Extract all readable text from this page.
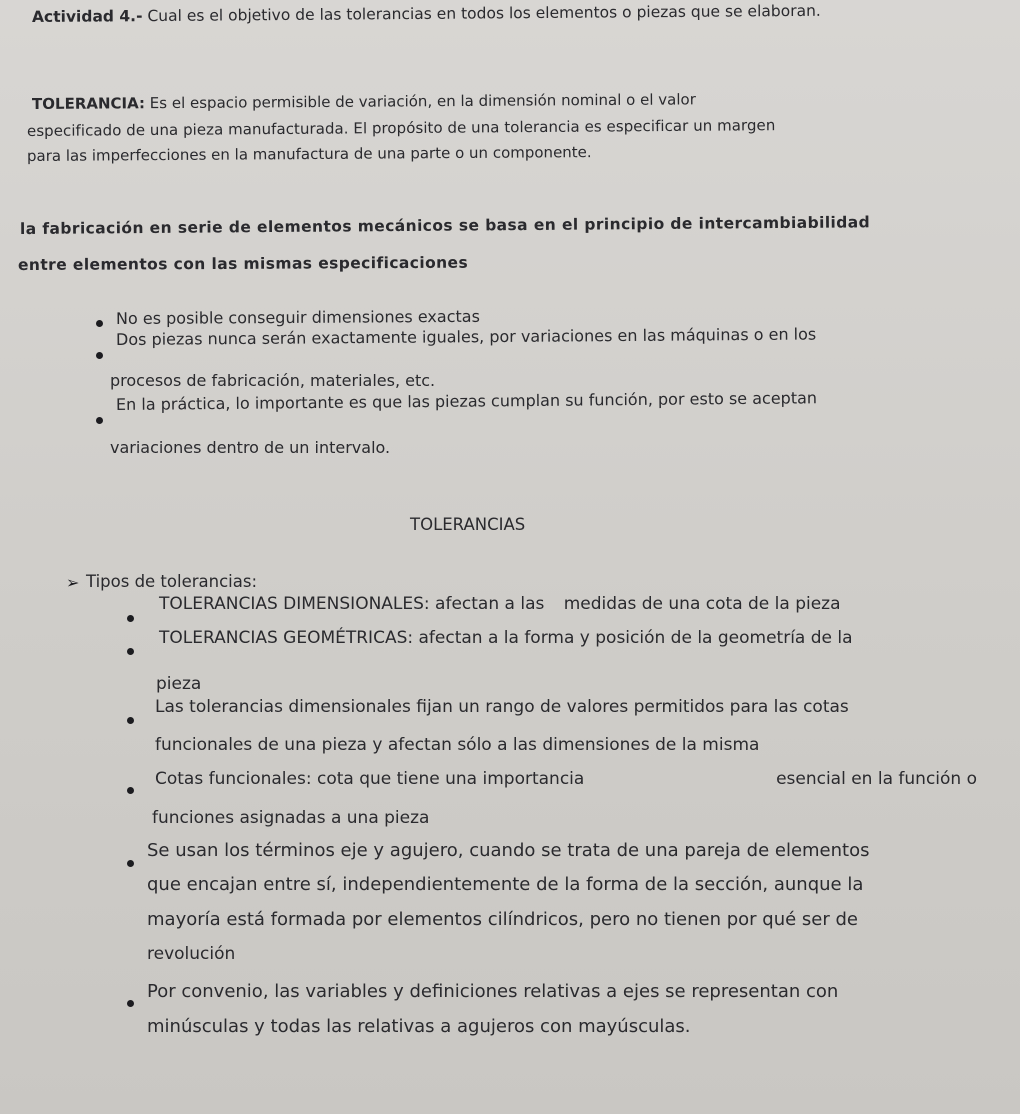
Actividad 4.- Cual es el objetivo de las tolerancias en todos los elementos o piezas que se elaboran.
TOLERANCIA: Es el espacio permisible de variación, en la dimensión nominal o el valor
especificado de una pieza manufacturada. El propósito de una tolerancia es especificar un margen
para las imperfecciones en la manufactura de una parte o un componente.
la fabricación en serie de elementos mecánicos se basa en el principio de intercambiabilidad
entre elementos con las mismas especificaciones
No es posible conseguir dimensiones exactas
Dos piezas nunca serán exactamente iguales, por variaciones en las máquinas o en los
procesos de fabricación, materiales, etc.
En la práctica, lo importante es que las piezas cumplan su función, por esto se aceptan
variaciones dentro de un intervalo.
TOLERANCIAS
➢ Tipos de tolerancias:
TOLERANCIAS DIMENSIONALES: afectan a las medidas de una cota de la pieza
TOLERANCIAS GEOMÉTRICAS: afectan a la forma y posición de la geometría de la
pieza
Las tolerancias dimensionales fijan un rango de valores permitidos para las cotas
funcionales de una pieza y afectan sólo a las dimensiones de la misma
Cotas funcionales: cota que tiene una importancia	esencial en la función o
funciones asignadas a una pieza
Se usan los términos eje y agujero, cuando se trata de una pareja de elementos
que encajan entre sí, independientemente de la forma de la sección, aunque la
mayoría está formada por elementos cilíndricos, pero no tienen por qué ser de
revolución
Por convenio, las variables y definiciones relativas a ejes se representan con
minúsculas y todas las relativas a agujeros con mayúsculas.
